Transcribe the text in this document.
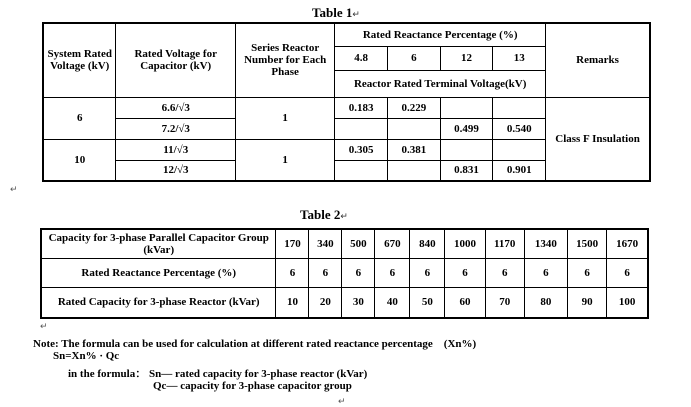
Table 1↵
System Rated Voltage (kV)	Rated Voltage for Capacitor (kV)	Series Reactor Number for Each Phase	Rated Reactance Percentage (%)				Remarks
			4.8	6	12	13	
			Reactor Rated Terminal Voltage(kV)				
6	6.6/√3	1	0.183	0.229			Class F Insulation
	7.2/√3				0.499	0.540	
10	11/√3	1	0.305	0.381			
	12/√3				0.831	0.901	
↵
Table 2↵
Capacity for 3-phase Parallel Capacitor Group (kVar)	170	340	500	670	840	1000	1170	1340	1500	1670
Rated Reactance Percentage (%)	6	6	6	6	6	6	6	6	6	6
Rated Capacity for 3-phase Reactor (kVar)	10	20	30	40	50	60	70	80	90	100
↵
Note: The formula can be used for calculation at different rated reactance percentage　(Xn%)
Sn=Xn% · Qc
in the formula： Sn— rated capacity for 3-phase reactor (kVar)
Qc— capacity for 3-phase capacitor group
↵
